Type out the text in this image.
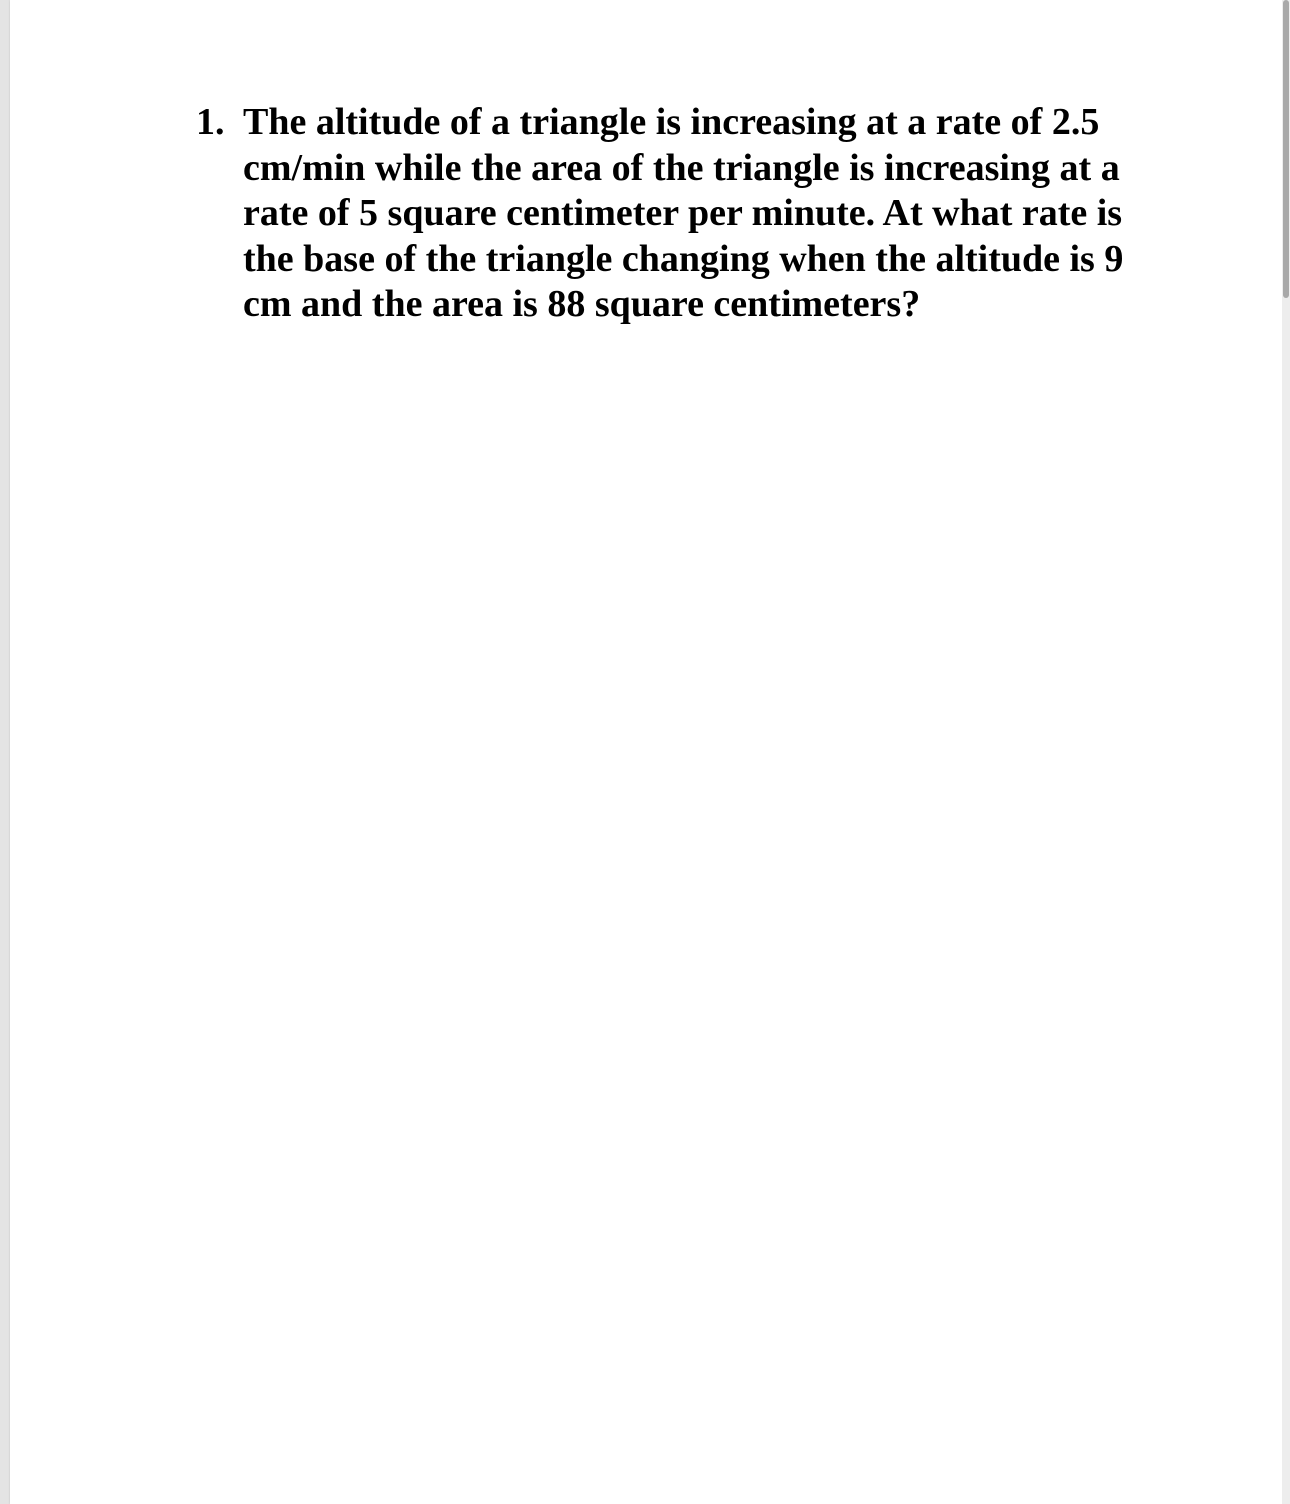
1. The altitude of a triangle is increasing at a rate of 2.5
cm/min while the area of the triangle is increasing at a
rate of 5 square centimeter per minute. At what rate is
the base of the triangle changing when the altitude is 9
cm and the area is 88 square centimeters?
